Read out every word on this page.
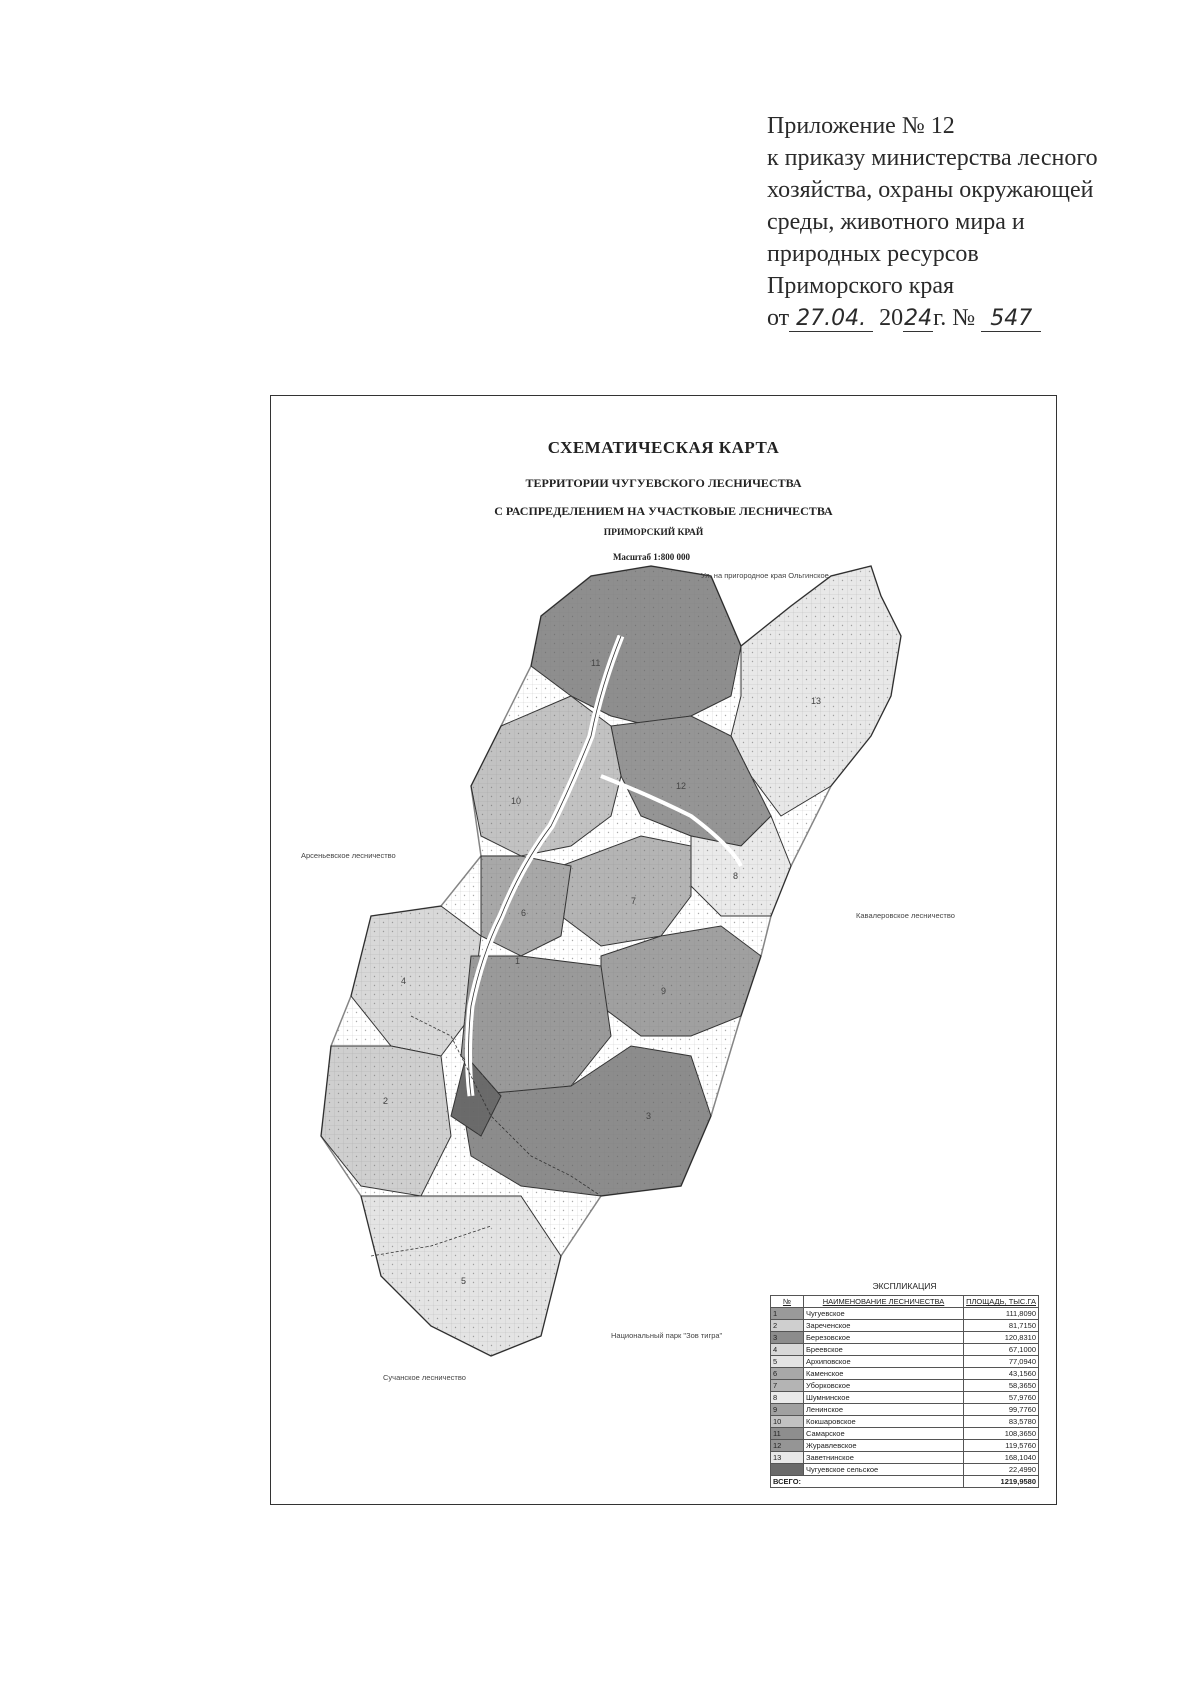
Приложение № 12
к приказу министерства лесного
хозяйства, охраны окружающей
среды, животного мира и
природных ресурсов
Приморского края
от 27.04. 2024г. № 547
СХЕМАТИЧЕСКАЯ КАРТА
ТЕРРИТОРИИ ЧУГУЕВСКОГО ЛЕСНИЧЕСТВА
С РАСПРЕДЕЛЕНИЕМ НА УЧАСТКОВЫЕ ЛЕСНИЧЕСТВА
ПРИМОРСКИЙ КРАЙ
Масштаб 1:800 000
1
2
3
4
5
6
7
8
9
10
11
12
13
Ул. на пригородное края Ольгинское
Арсеньевское лесничество
Кавалеровское лесничество
Национальный парк "Зов тигра"
Сучанское лесничество
ЭКСПЛИКАЦИЯ
№	НАИМЕНОВАНИЕ ЛЕСНИЧЕСТВА	ПЛОЩАДЬ, ТЫС.ГА
1	Чугуевское	111,8090
2	Зареченское	81,7150
3	Березовское	120,8310
4	Бреевское	67,1000
5	Архиповское	77,0940
6	Каменское	43,1560
7	Уборковское	58,3650
8	Шумнинское	57,9760
9	Ленинское	99,7760
10	Кокшаровское	83,5780
11	Самарское	108,3650
12	Журавлевское	119,5760
13	Заветнинское	168,1040
	Чугуевское сельское	22,4990
ВСЕГО:		1219,9580
